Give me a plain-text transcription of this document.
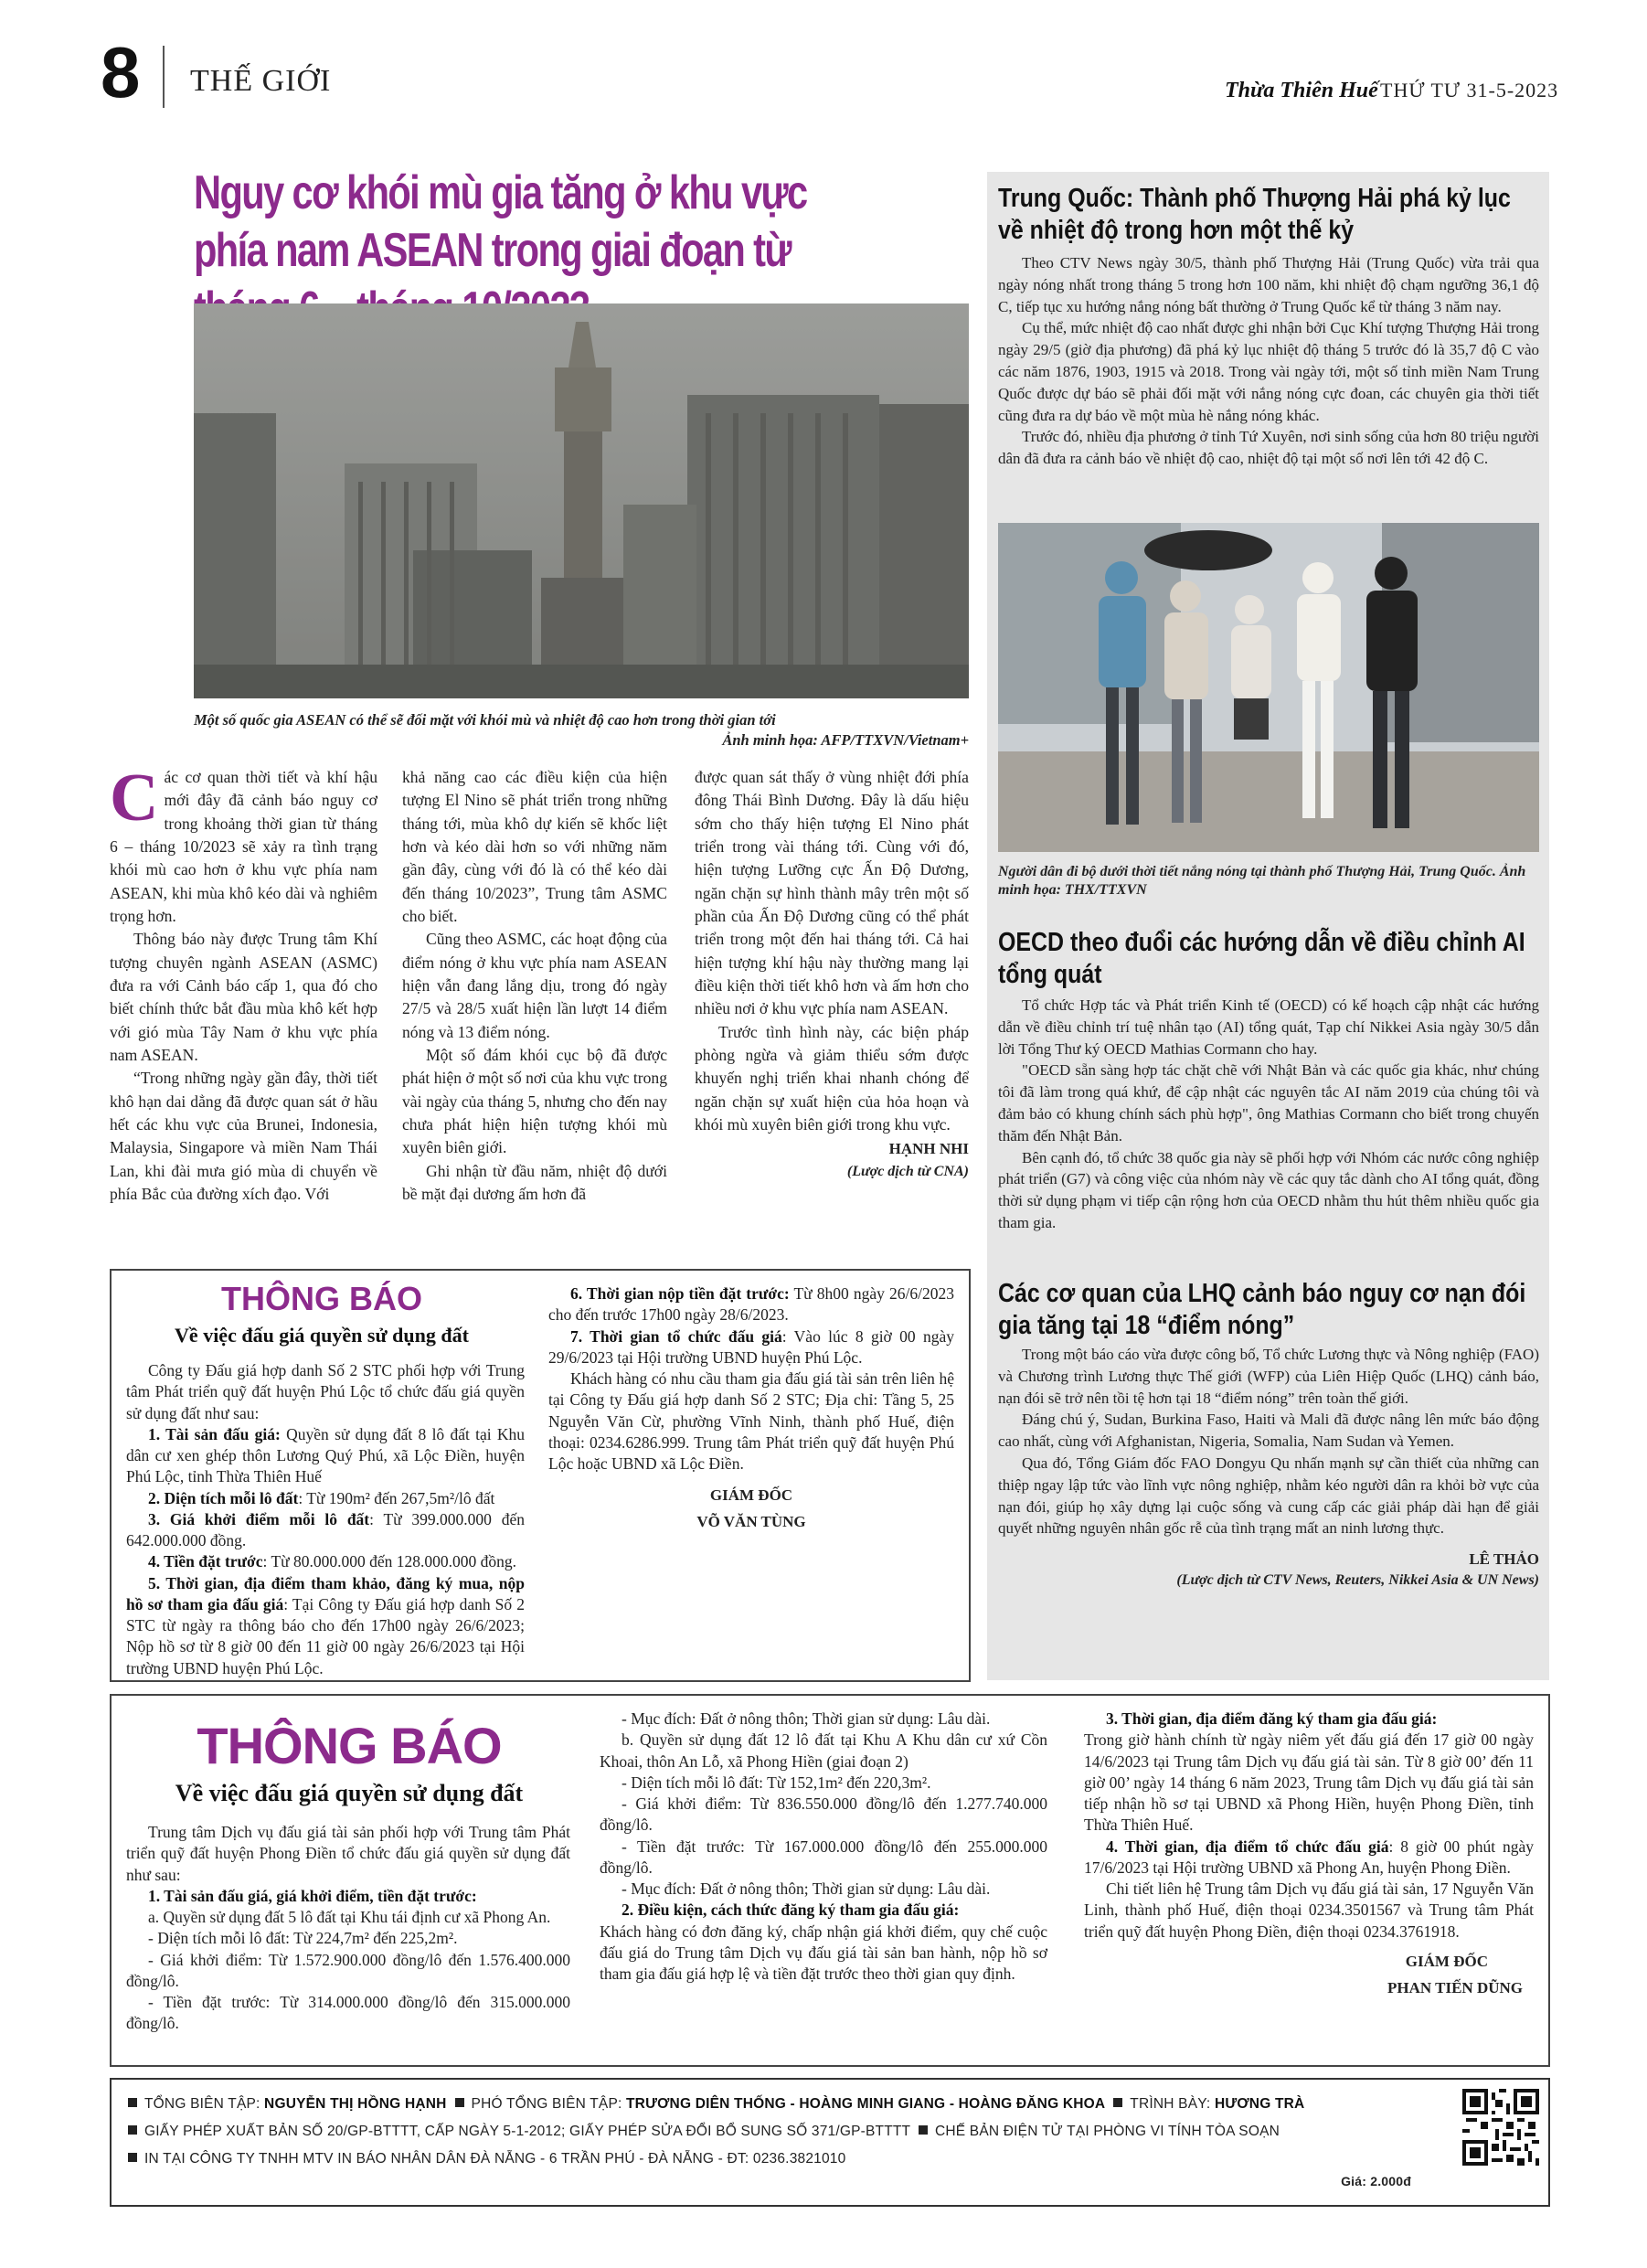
8 THẾ GIỚI	Thừa Thiên Huế THỨ TƯ 31-5-2023
Nguy cơ khói mù gia tăng ở khu vực phía nam ASEAN trong giai đoạn từ
Một số quốc gia ASEAN có thể sẽ đối mặt với khói mù và nhiệt độ cao hơn trong thời gian tới
Ảnh minh họa: AFP/TTXVN/Vietnam+

Các cơ quan thời tiết và khí hậu mới đây đã cảnh báo nguy cơ trong khoảng thời gian từ tháng 6 – tháng 10/2023 sẽ xảy ra tình trạng khói mù cao hơn ở khu vực phía nam ASEAN, khi mùa khô kéo dài và nghiêm trọng hơn.

Thông báo này được Trung tâm Khí tượng chuyên ngành ASEAN (ASMC) đưa ra với Cảnh báo cấp 1, qua đó cho biết chính thức bắt đầu mùa khô kết hợp với gió mùa Tây Nam ở khu vực phía nam ASEAN.

“Trong những ngày gần đây, thời tiết khô hạn dai dẳng đã được quan sát ở hầu hết các khu vực của Brunei, Indonesia, Malaysia, Singapore và miền Nam Thái Lan, khi đài mưa gió mùa di chuyển về phía Bắc của đường xích đạo. Với

khả năng cao các điều kiện của hiện tượng El Nino sẽ phát triển trong những tháng tới, mùa khô dự kiến sẽ khốc liệt hơn và kéo dài hơn so với những năm gần đây, cùng với đó là có thể kéo dài đến tháng 10/2023”, Trung tâm ASMC cho biết.

Cũng theo ASMC, các hoạt động của điểm nóng ở khu vực phía nam ASEAN hiện vẫn đang lắng dịu, trong đó ngày 27/5 và 28/5 xuất hiện lần lượt 14 điểm nóng và 13 điểm nóng.

Một số đám khói cục bộ đã được phát hiện ở một số nơi của khu vực trong vài ngày của tháng 5, nhưng cho đến nay chưa phát hiện hiện tượng khói mù xuyên biên giới.

Ghi nhận từ đầu năm, nhiệt độ dưới bề mặt đại dương ấm hơn đã

được quan sát thấy ở vùng nhiệt đới phía đông Thái Bình Dương. Đây là dấu hiệu sớm cho thấy hiện tượng El Nino phát triển trong vài tháng tới. Cùng với đó, hiện tượng Lưỡng cực Ấn Độ Dương, ngăn chặn sự hình thành mây trên một số phần của Ấn Độ Dương cũng có thể phát triển trong một đến hai tháng tới. Cả hai hiện tượng khí hậu này thường mang lại điều kiện thời tiết khô hơn và ấm hơn cho nhiều nơi ở khu vực phía nam ASEAN.

Trước tình hình này, các biện pháp phòng ngừa và giảm thiểu sớm được khuyến nghị triển khai nhanh chóng để ngăn chặn sự xuất hiện của hỏa hoạn và khói mù xuyên biên giới trong khu vực.

HẠNH NHI
(Lược dịch từ CNA)
Trung Quốc: Thành phố Thượng Hải phá kỷ lục về nhiệt độ trong hơn một thế kỷ

Theo CTV News ngày 30/5, thành phố Thượng Hải (Trung Quốc) vừa trải qua ngày nóng nhất trong tháng 5 trong hơn 100 năm, khi nhiệt độ chạm ngưỡng 36,1 độ C, tiếp tục xu hướng nắng nóng bất thường ở Trung Quốc kể từ tháng 3 năm nay.

Cụ thể, mức nhiệt độ cao nhất được ghi nhận bởi Cục Khí tượng Thượng Hải trong ngày 29/5 (giờ địa phương) đã phá kỷ lục nhiệt độ tháng 5 trước đó là 35,7 độ C vào các năm 1876, 1903, 1915 và 2018. Trong vài ngày tới, một số tỉnh miền Nam Trung Quốc được dự báo sẽ phải đối mặt với nắng nóng cực đoan, các chuyên gia thời tiết cũng đưa ra dự báo về một mùa hè nắng nóng khác.

Trước đó, nhiều địa phương ở tỉnh Tứ Xuyên, nơi sinh sống của hơn 80 triệu người dân đã đưa ra cảnh báo về nhiệt độ cao, nhiệt độ tại một số nơi lên tới 42 độ C.

Người dân đi bộ dưới thời tiết nắng nóng tại thành phố Thượng Hải, Trung Quốc. Ảnh minh họa: THX/TTXVN
OECD theo đuổi các hướng dẫn về điều chỉnh AI tổng quát

Tổ chức Hợp tác và Phát triển Kinh tế (OECD) có kế hoạch cập nhật các hướng dẫn về điều chỉnh trí tuệ nhân tạo (AI) tổng quát, Tạp chí Nikkei Asia ngày 30/5 dẫn lời Tổng Thư ký OECD Mathias Cormann cho hay.

"OECD sẵn sàng hợp tác chặt chẽ với Nhật Bản và các quốc gia khác, như chúng tôi đã làm trong quá khứ, để cập nhật các nguyên tắc AI năm 2019 của chúng tôi và đảm bảo có khung chính sách phù hợp", ông Mathias Cormann cho biết trong chuyến thăm đến Nhật Bản.

Bên cạnh đó, tổ chức 38 quốc gia này sẽ phối hợp với Nhóm các nước công nghiệp phát triển (G7) và công việc của nhóm này về các quy tắc dành cho AI tổng quát, đồng thời sử dụng phạm vi tiếp cận rộng hơn của OECD nhằm thu hút thêm nhiều quốc gia tham gia.

Các cơ quan của LHQ cảnh báo nguy cơ nạn đói gia tăng tại 18 “điểm nóng”

Trong một báo cáo vừa được công bố, Tổ chức Lương thực và Nông nghiệp (FAO) và Chương trình Lương thực Thế giới (WFP) của Liên Hiệp Quốc (LHQ) cảnh báo, nạn đói sẽ trở nên tồi tệ hơn tại 18 “điểm nóng” trên toàn thế giới.

Đáng chú ý, Sudan, Burkina Faso, Haiti và Mali đã được nâng lên mức báo động cao nhất, cùng với Afghanistan, Nigeria, Somalia, Nam Sudan và Yemen.

Qua đó, Tổng Giám đốc FAO Dongyu Qu nhấn mạnh sự cần thiết của những can thiệp ngay lập tức vào lĩnh vực nông nghiệp, nhằm kéo người dân ra khỏi bờ vực của nạn đói, giúp họ xây dựng lại cuộc sống và cung cấp các giải pháp dài hạn để giải quyết những nguyên nhân gốc rễ của tình trạng mất an ninh lương thực.

LÊ THẢO
(Lược dịch từ CTV News, Reuters, Nikkei Asia & UN News)
THÔNG BÁO
Về việc đấu giá quyền sử dụng đất

Công ty Đấu giá hợp danh Số 2 STC phối hợp với Trung tâm Phát triển quỹ đất huyện Phú Lộc tổ chức đấu giá quyền sử dụng đất như sau:

1. Tài sản đấu giá: Quyền sử dụng đất 8 lô đất tại Khu dân cư xen ghép thôn Lương Quý Phú, xã Lộc Điền, huyện Phú Lộc, tỉnh Thừa Thiên Huế

2. Diện tích mỗi lô đất: Từ 190m² đến 267,5m²/lô đất

3. Giá khởi điểm mỗi lô đất: Từ 399.000.000 đến 642.000.000 đồng.

4. Tiền đặt trước: Từ 80.000.000 đến 128.000.000 đồng.

5. Thời gian, địa điểm tham khảo, đăng ký mua, nộp hồ sơ tham gia đấu giá: Tại Công ty Đấu giá hợp danh Số 2 STC từ ngày ra thông báo cho đến 17h00 ngày 26/6/2023; Nộp hồ sơ từ 8 giờ 00 đến 11 giờ 00 ngày 26/6/2023 tại Hội trường UBND huyện Phú Lộc.

6. Thời gian nộp tiền đặt trước: Từ 8h00 ngày 26/6/2023 cho đến trước 17h00 ngày 28/6/2023.

7. Thời gian tổ chức đấu giá: Vào lúc 8 giờ 00 ngày 29/6/2023 tại Hội trường UBND huyện Phú Lộc.

Khách hàng có nhu cầu tham gia đấu giá tài sản trên liên hệ tại Công ty Đấu giá hợp danh Số 2 STC; Địa chỉ: Tầng 5, 25 Nguyễn Văn Cừ, phường Vĩnh Ninh, thành phố Huế, điện thoại: 0234.6286.999. Trung tâm Phát triển quỹ đất huyện Phú Lộc hoặc UBND xã Lộc Điền.

GIÁM ĐỐC
VÕ VĂN TÙNG
THÔNG BÁO
Về việc đấu giá quyền sử dụng đất

Trung tâm Dịch vụ đấu giá tài sản phối hợp với Trung tâm Phát triển quỹ đất huyện Phong Điền tổ chức đấu giá quyền sử dụng đất như sau:

1. Tài sản đấu giá, giá khởi điểm, tiền đặt trước:

a. Quyền sử dụng đất 5 lô đất tại Khu tái định cư xã Phong An.

- Diện tích mỗi lô đất: Từ 224,7m² đến 225,2m².

- Giá khởi điểm: Từ 1.572.900.000 đồng/lô đến 1.576.400.000 đồng/lô.

- Tiền đặt trước: Từ 314.000.000 đồng/lô đến 315.000.000 đồng/lô.

- Mục đích: Đất ở nông thôn; Thời gian sử dụng: Lâu dài.

b. Quyền sử dụng đất 12 lô đất tại Khu A Khu dân cư xứ Cồn Khoai, thôn An Lỗ, xã Phong Hiền (giai đoạn 2)

- Diện tích mỗi lô đất: Từ 152,1m² đến 220,3m².

- Giá khởi điểm: Từ 836.550.000 đồng/lô đến 1.277.740.000 đồng/lô.

- Tiền đặt trước: Từ 167.000.000 đồng/lô đến 255.000.000 đồng/lô.

- Mục đích: Đất ở nông thôn; Thời gian sử dụng: Lâu dài.

2. Điều kiện, cách thức đăng ký tham gia đấu giá:

Khách hàng có đơn đăng ký, chấp nhận giá khởi điểm, quy chế cuộc đấu giá do Trung tâm Dịch vụ đấu giá tài sản ban hành, nộp hồ sơ tham gia đấu giá hợp lệ và tiền đặt trước theo thời gian quy định.

3. Thời gian, địa điểm đăng ký tham gia đấu giá:

Trong giờ hành chính từ ngày niêm yết đấu giá đến 17 giờ 00 ngày 14/6/2023 tại Trung tâm Dịch vụ đấu giá tài sản. Từ 8 giờ 00’ đến 11 giờ 00’ ngày 14 tháng 6 năm 2023, Trung tâm Dịch vụ đấu giá tài sản tiếp nhận hồ sơ tại UBND xã Phong Hiền, huyện Phong Điền, tỉnh Thừa Thiên Huế.

4. Thời gian, địa điểm tổ chức đấu giá: 8 giờ 00 phút ngày 17/6/2023 tại Hội trường UBND xã Phong An, huyện Phong Điền.

Chi tiết liên hệ Trung tâm Dịch vụ đấu giá tài sản, 17 Nguyễn Văn Linh, thành phố Huế, điện thoại 0234.3501567 và Trung tâm Phát triển quỹ đất huyện Phong Điền, điện thoại 0234.3761918.

GIÁM ĐỐC
PHAN TIẾN DŨNG
TỔNG BIÊN TẬP: NGUYỄN THỊ HỒNG HẠNH PHÓ TỔNG BIÊN TẬP: TRƯƠNG DIÊN THỐNG - HOÀNG MINH GIANG - HOÀNG ĐĂNG KHOA TRÌNH BÀY: HƯƠNG TRÀ
GIẤY PHÉP XUẤT BẢN SỐ 20/GP-BTTTT, CẤP NGÀY 5-1-2012; GIẤY PHÉP SỬA ĐỔI BỔ SUNG SỐ 371/GP-BTTTT CHẾ BẢN ĐIỆN TỬ TẠI PHÒNG VI TÍNH TÒA SOẠN
IN TẠI CÔNG TY TNHH MTV IN BÁO NHÂN DÂN ĐÀ NẴNG - 6 TRẦN PHÚ - ĐÀ NẴNG - ĐT: 0236.3821010
Giá: 2.000đ
